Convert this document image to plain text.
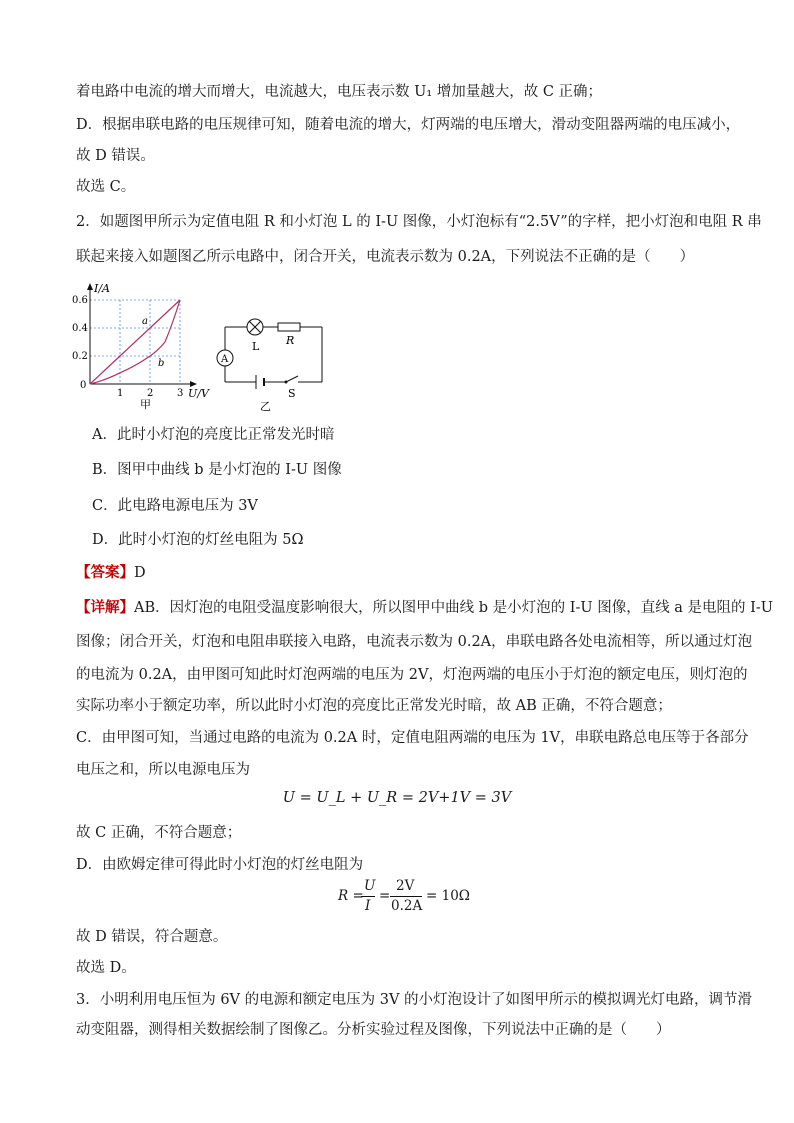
着电路中电流的增大而增大，电流越大，电压表示数 U₁ 增加量越大，故 C 正确；
D．根据串联电路的电压规律可知，随着电流的增大，灯两端的电压增大，滑动变阻器两端的电压减小，
故 D 错误。
故选 C。
2．如题图甲所示为定值电阻 R 和小灯泡 L 的 I-U 图像，小灯泡标有“2.5V”的字样，把小灯泡和电阻 R 串
联起来接入如题图乙所示电路中，闭合开关，电流表示数为 0.2A，下列说法不正确的是（　　）
I/A
0.6
0.4
0.2
0
1 2 3 U/V
a
b
甲
A
L R
S
乙
A．此时小灯泡的亮度比正常发光时暗
B．图甲中曲线 b 是小灯泡的 I-U 图像
C．此电路电源电压为 3V
D．此时小灯泡的灯丝电阻为 5Ω
【答案】D
【详解】AB．因灯泡的电阻受温度影响很大，所以图甲中曲线 b 是小灯泡的 I-U 图像，直线 a 是电阻的 I-U
图像；闭合开关，灯泡和电阻串联接入电路，电流表示数为 0.2A，串联电路各处电流相等，所以通过灯泡
的电流为 0.2A，由甲图可知此时灯泡两端的电压为 2V，灯泡两端的电压小于灯泡的额定电压，则灯泡的
实际功率小于额定功率，所以此时小灯泡的亮度比正常发光时暗，故 AB 正确，不符合题意；
C．由甲图可知，当通过电路的电流为 0.2A 时，定值电阻两端的电压为 1V，串联电路总电压等于各部分
电压之和，所以电源电压为
U = U_L + U_R = 2V+1V = 3V
故 C 正确，不符合题意；
D．由欧姆定律可得此时小灯泡的灯丝电阻为
R =
U
I
=
2V
0.2A
= 10Ω
故 D 错误，符合题意。
故选 D。
3．小明利用电压恒为 6V 的电源和额定电压为 3V 的小灯泡设计了如图甲所示的模拟调光灯电路，调节滑
动变阻器，测得相关数据绘制了图像乙。分析实验过程及图像，下列说法中正确的是（　　）
